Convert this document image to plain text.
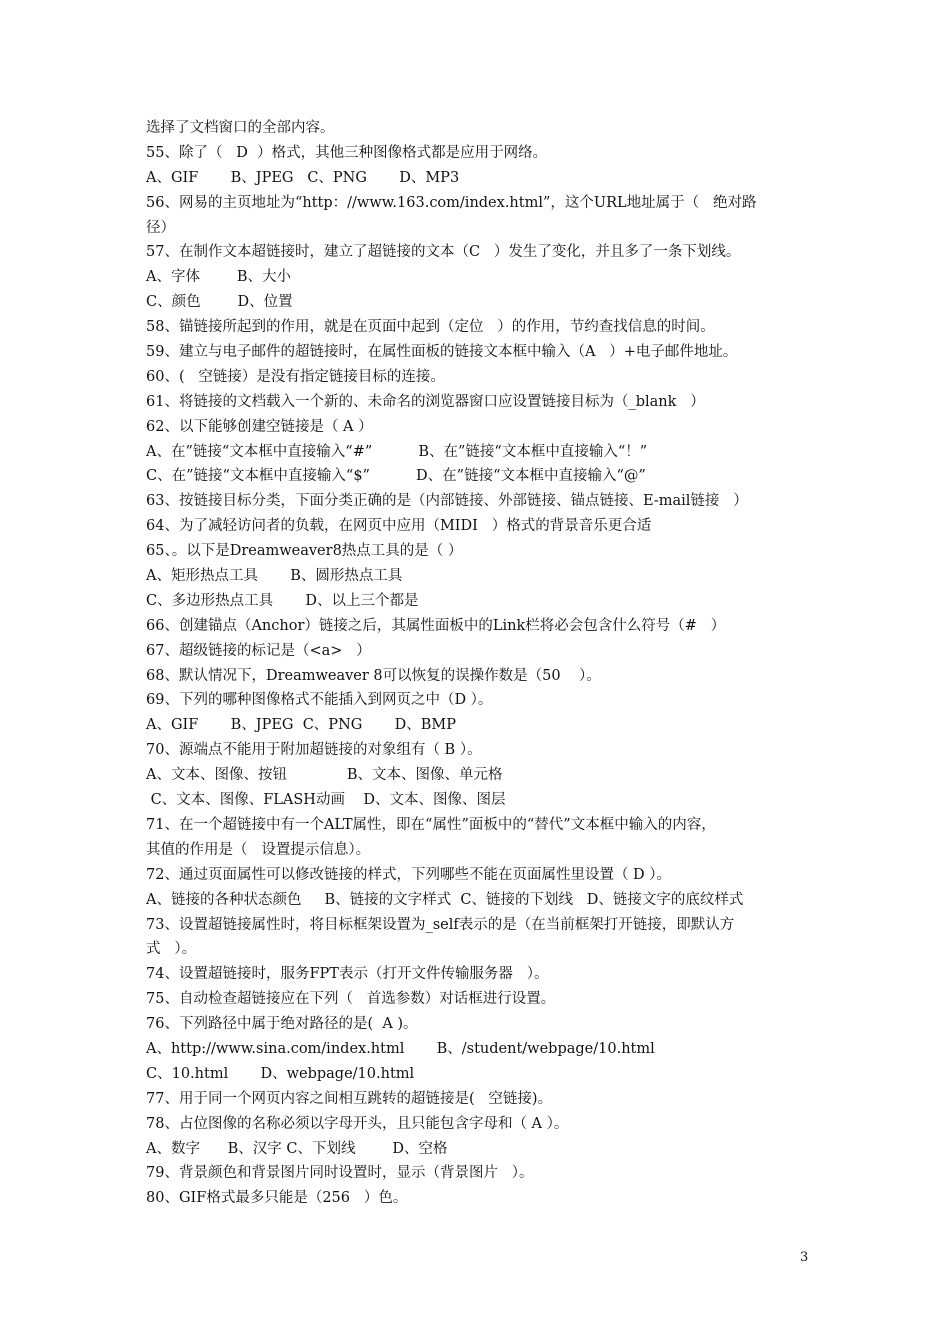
选择了文档窗口的全部内容。
55、除了（   D  ）格式，其他三种图像格式都是应用于网络。
A、GIF       B、JPEG   C、PNG       D、MP3
56、网易的主页地址为“http：//www.163.com/index.html”，这个URL地址属于（   绝对路
径）
57、在制作文本超链接时，建立了超链接的文本（C   ）发生了变化，并且多了一条下划线。
A、字体        B、大小
C、颜色        D、位置
58、锚链接所起到的作用，就是在页面中起到（定位   ）的作用，节约查找信息的时间。
59、建立与电子邮件的超链接时，在属性面板的链接文本框中输入（A   ）+电子邮件地址。
60、(   空链接）是没有指定链接目标的连接。
61、将链接的文档载入一个新的、未命名的浏览器窗口应设置链接目标为（_blank   ）
62、以下能够创建空链接是（ A ）
A、在”链接“文本框中直接输入“#”          B、在”链接“文本框中直接输入“！”
C、在”链接“文本框中直接输入“$”          D、在”链接“文本框中直接输入“@”
63、按链接目标分类，下面分类正确的是（内部链接、外部链接、锚点链接、E-mail链接   ）
64、为了减轻访问者的负载，在网页中应用（MIDI   ）格式的背景音乐更合适
65、。以下是Dreamweaver8热点工具的是（ ）
A、矩形热点工具       B、圆形热点工具
C、多边形热点工具       D、以上三个都是
66、创建锚点（Anchor）链接之后，其属性面板中的Link栏将必会包含什么符号（#   ）
67、超级链接的标记是（<a>   ）
68、默认情况下，Dreamweaver 8可以恢复的误操作数是（50    ）。
69、下列的哪种图像格式不能插入到网页之中（D ）。
A、GIF       B、JPEG  C、PNG       D、BMP
70、源端点不能用于附加超链接的对象组有（ B ）。
A、文本、图像、按钮             B、文本、图像、单元格
C、文本、图像、FLASH动画    D、文本、图像、图层
71、在一个超链接中有一个ALT属性，即在“属性”面板中的“替代”文本框中输入的内容，
其值的作用是（   设置提示信息）。
72、通过页面属性可以修改链接的样式，下列哪些不能在页面属性里设置（ D ）。
A、链接的各种状态颜色     B、链接的文字样式  C、链接的下划线   D、链接文字的底纹样式
73、设置超链接属性时，将目标框架设置为_self表示的是（在当前框架打开链接，即默认方
式   ）。
74、设置超链接时，服务FPT表示（打开文件传输服务器   ）。
75、自动检查超链接应在下列（   首选参数）对话框进行设置。
76、下列路径中属于绝对路径的是(  A )。
A、http://www.sina.com/index.html       B、/student/webpage/10.html
C、10.html       D、webpage/10.html
77、用于同一个网页内容之间相互跳转的超链接是(   空链接)。
78、占位图像的名称必须以字母开头，且只能包含字母和（ A ）。
A、数字      B、汉字 C、下划线        D、空格
79、背景颜色和背景图片同时设置时，显示（背景图片   ）。
80、GIF格式最多只能是（256   ）色。
3
